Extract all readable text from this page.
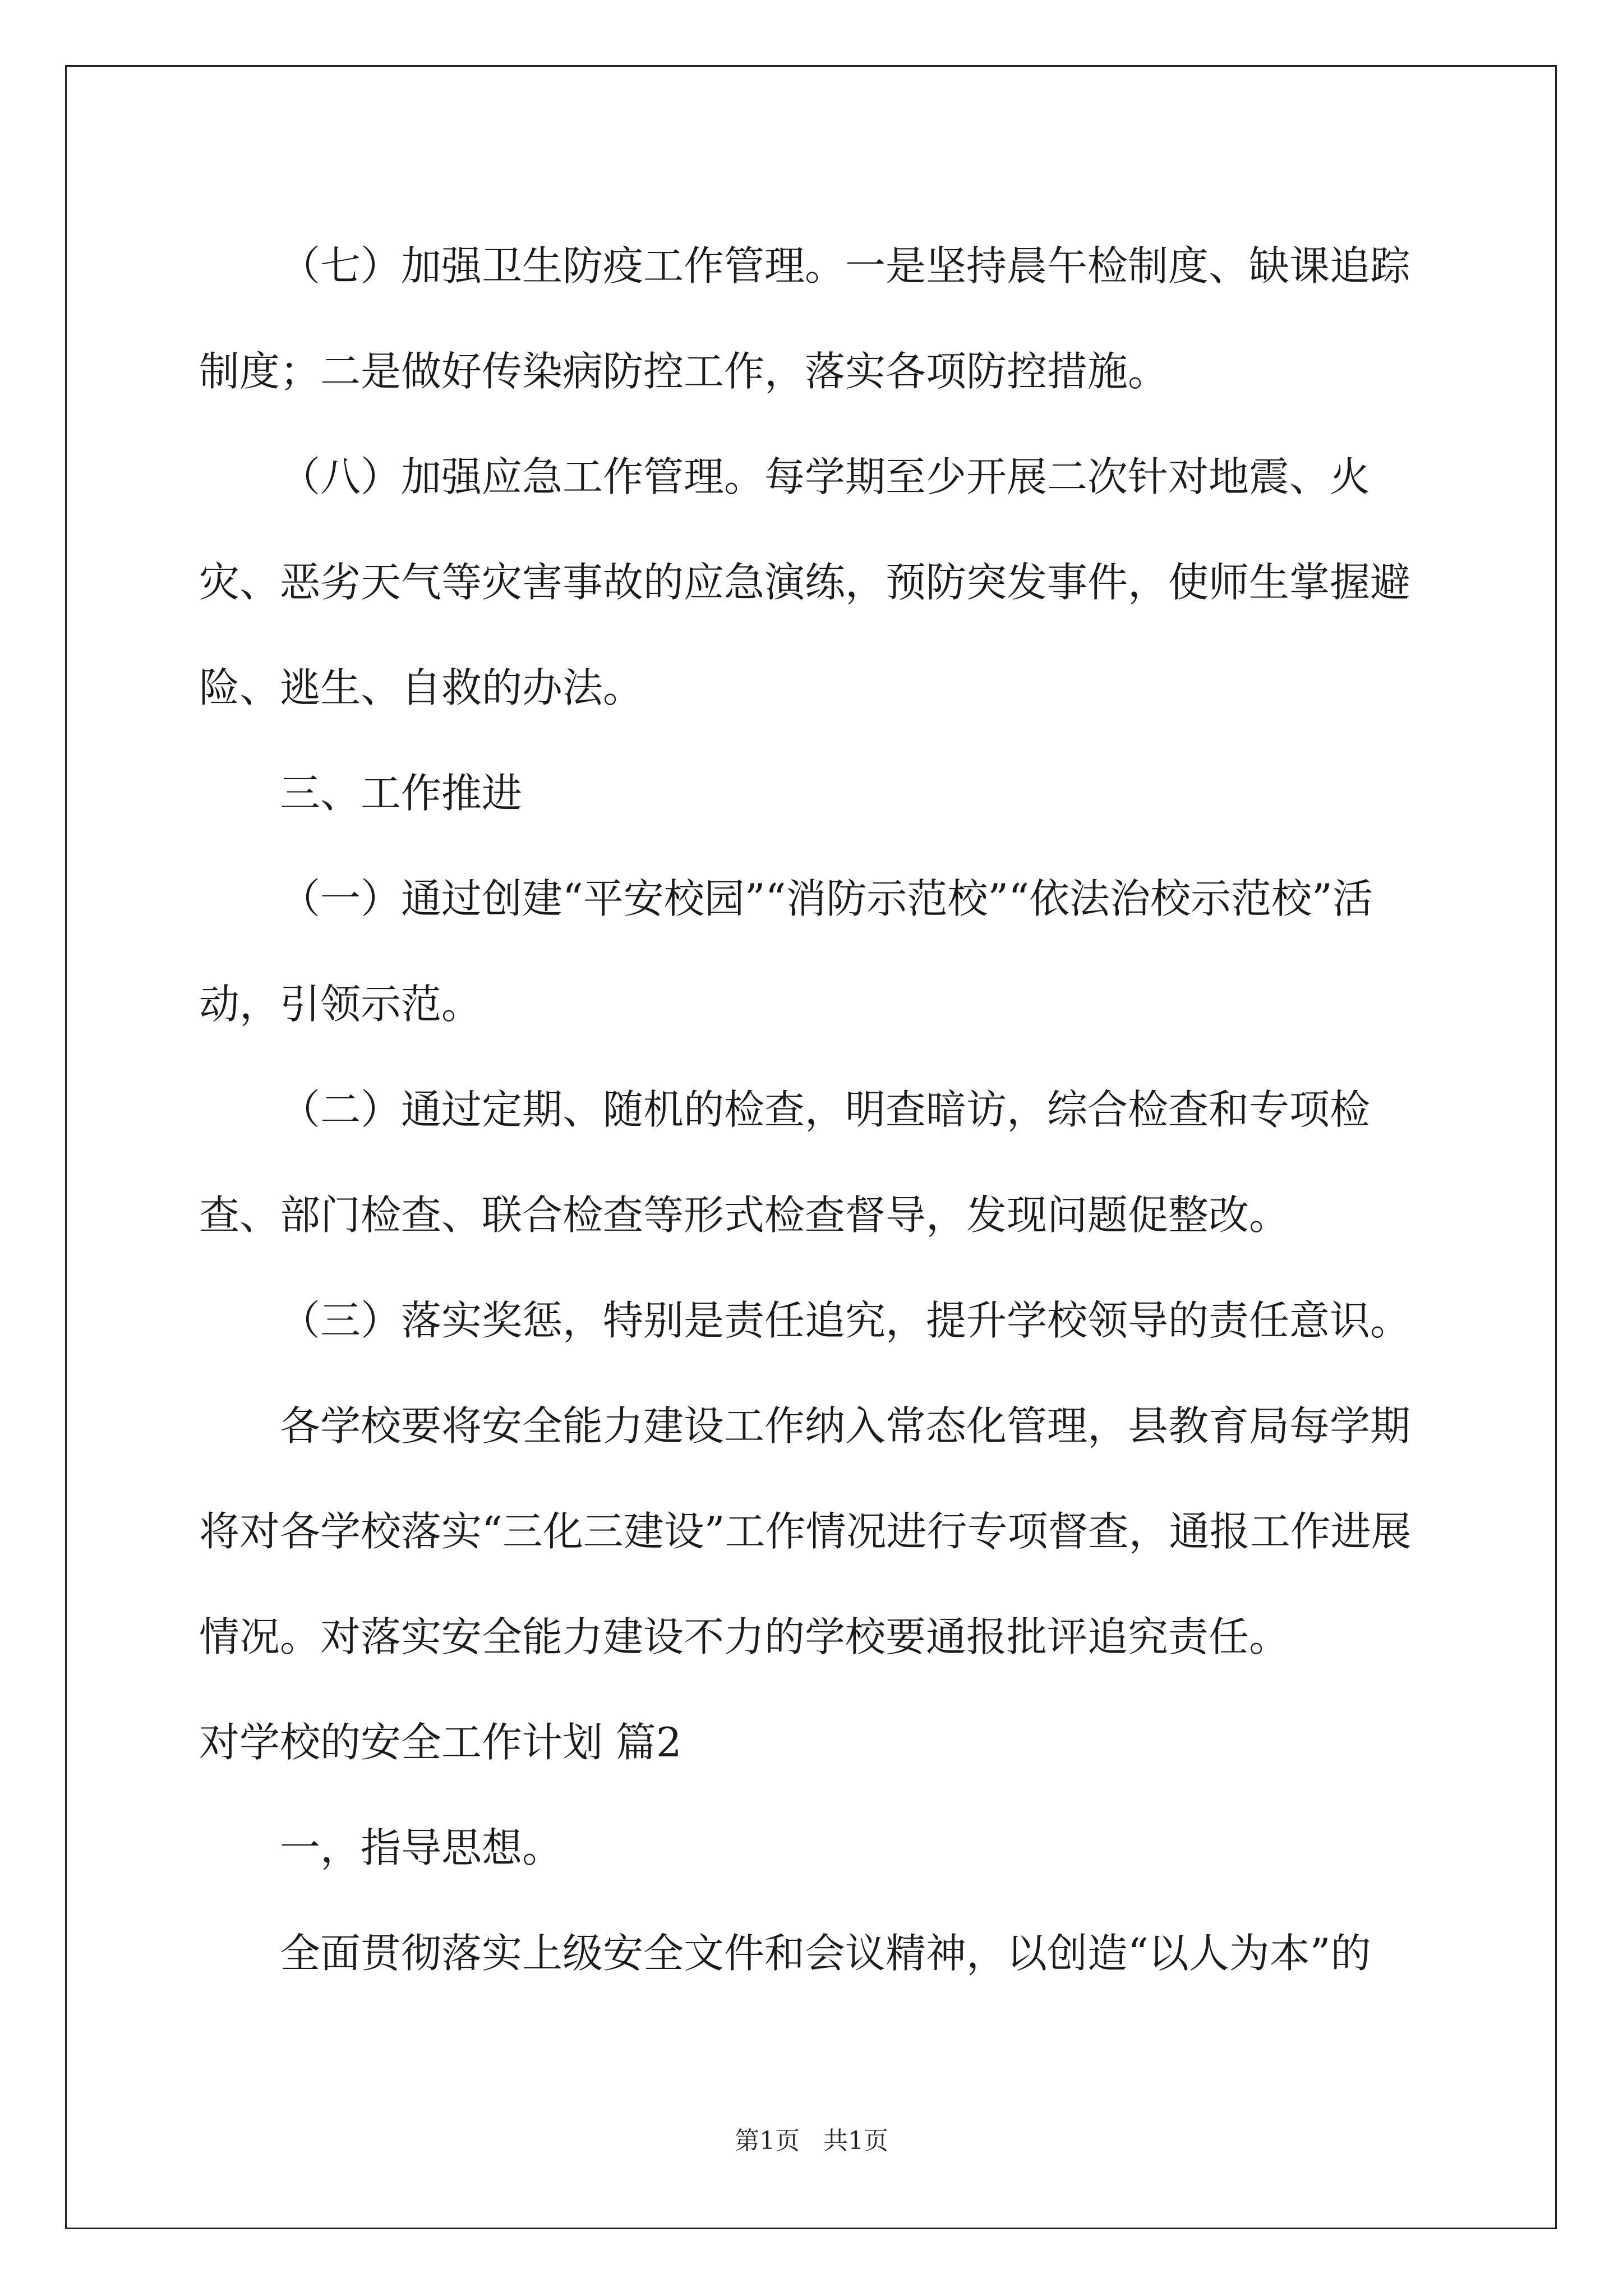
（七）加强卫生防疫工作管理。一是坚持晨午检制度、缺课追踪制度；二是做好传染病防控工作，落实各项防控措施。

（八）加强应急工作管理。每学期至少开展二次针对地震、火灾、恶劣天气等灾害事故的应急演练，预防突发事件，使师生掌握避险、逃生、自救的办法。

三、工作推进

（一）通过创建“平安校园”“消防示范校”“依法治校示范校”活动，引领示范。

（二）通过定期、随机的检查，明查暗访，综合检查和专项检查、部门检查、联合检查等形式检查督导，发现问题促整改。

（三）落实奖惩，特别是责任追究，提升学校领导的责任意识。

各学校要将安全能力建设工作纳入常态化管理，县教育局每学期将对各学校落实“三化三建设”工作情况进行专项督查，通报工作进展情况。对落实安全能力建设不力的学校要通报批评追究责任。

对学校的安全工作计划 篇2

一，指导思想。

全面贯彻落实上级安全文件和会议精神，以创造“以人为本”的

第1页 共1页
